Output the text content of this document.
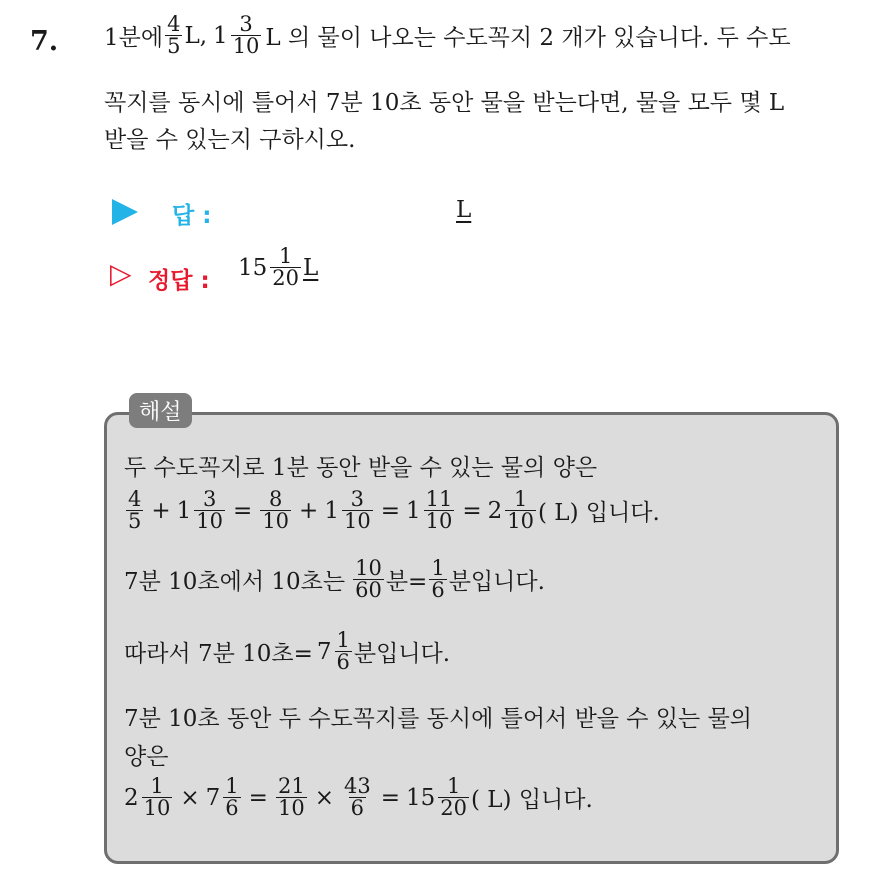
7. 1분에 $\frac{4}{5} L$, $1 \frac{3}{10}$ L 의 물이 나오는 수도꼭지 2 개가 있습니다. 두 수도
꼭지를 동시에 틀어서 7분 10초 동안 물을 받는다면, 물을 모두 몇 L
받을 수 있는지 구하시오.
답 :	L
▷ 정답 :
$15 \frac{1}{20}$ L
해설
두 수도꼭지로 1분 동안 받을 수 있는 물의 양은
$\frac{4}{5} + 1 \frac{3}{10} = \frac{8}{10} + 1 \frac{3}{10} = 1 \frac{11}{10} = 2 \frac{1}{10}$ ( L) 입니다.
7분 10초에서 10초는 $\frac{10}{60}$ 분= $\frac{1}{6}$ 분입니다.
따라서 7분 10초= $7 \frac{1}{6}$ 분입니다.
7분 10초 동안 두 수도꼭지를 동시에 틀어서 받을 수 있는 물의
양은
$2 \frac{1}{10} \times 7 \frac{1}{6} = \frac{21}{10} \times \frac{43}{6} = 15 \frac{1}{20}$ ( L) 입니다.
